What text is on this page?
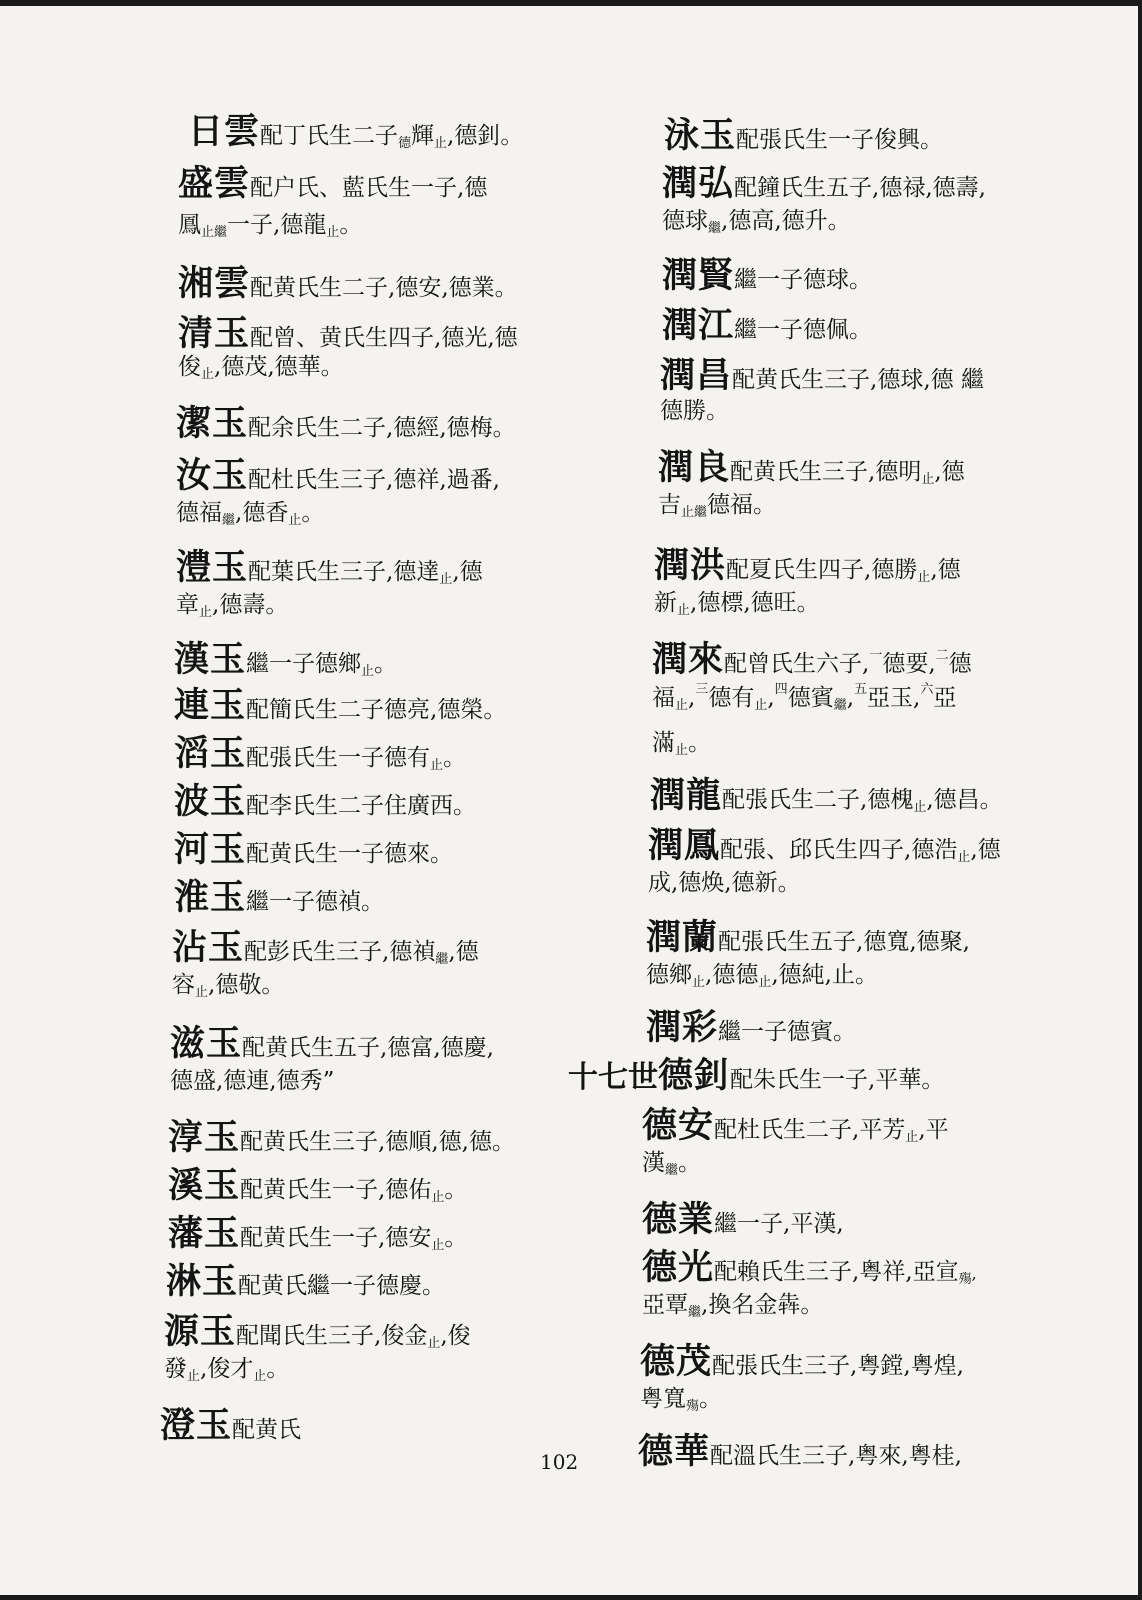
日雲配丁氏生二子$_德$輝$_止$,德釗。
盛雲配户氏、藍氏生一子,德
鳳$_{止繼}$一子,德龍$_止$。
湘雲配黄氏生二子,德安,德業。
清玉配曾、黄氏生四子,德光,德
俊$_止$,德茂,德華。
潔玉配余氏生二子,德經,德梅。
汝玉配杜氏生三子,德祥,過番,
德福$_繼$,德香$_止$。
澧玉配葉氏生三子,德達$_止$,德
章$_止$,德壽。
漢玉繼一子德鄉$_止$。
連玉配簡氏生二子德亮,德榮。
滔玉配張氏生一子德有$_止$。
波玉配李氏生二子住廣西。
河玉配黄氏生一子德來。
淮玉繼一子德禎。
沾玉配彭氏生三子,德禎$_繼$,德
容$_止$,德敬。
滋玉配黄氏生五子,德富,德慶,
德盛,德連,德秀”
淳玉配黄氏生三子,德順,德,德。
溪玉配黄氏生一子,德佑$_止$。
藩玉配黄氏生一子,德安$_止$。
淋玉配黄氏繼一子德慶。
源玉配聞氏生三子,俊金$_止$,俊
發$_止$,俊才$_止$。
澄玉配黄氏
泳玉配張氏生一子俊興。
潤弘配鐘氏生五子,德禄,德壽,
德球$_繼$,德高,德升。
潤賢繼一子德球。
潤江繼一子德佩。
潤昌配黄氏生三子,德球,德 繼
德勝。
潤良配黄氏生三子,德明$_止$,德
吉$_{止繼}$德福。
潤洪配夏氏生四子,德勝$_止$,德
新$_止$,德標,德旺。
潤來配曾氏生六子,$^一$德要,$^二$德
福$_止$,$^三$德有$_止$,$^四$德賓$_繼$,$^五$亞玉,$^六$亞
滿$_止$。
潤龍配張氏生二子,德槐$_止$,德昌。
潤鳳配張、邱氏生四子,德浩$_止$,德
成,德焕,德新。
潤蘭配張氏生五子,德寬,德聚,
德鄉$_止$,德德$_止$,德純,止。
潤彩繼一子德賓。
十七世德釗配朱氏生一子,平華。
德安配杜氏生二子,平芳$_止$,平
漢$_繼$。
德業繼一子,平漢,
德光配賴氏生三子,粤祥,亞宣$_殤$,
亞覃$_繼$,換名金犇。
德茂配張氏生三子,粤鏜,粤煌,
粤寬$_殤$。
德華配溫氏生三子,粤來,粤桂,
102
